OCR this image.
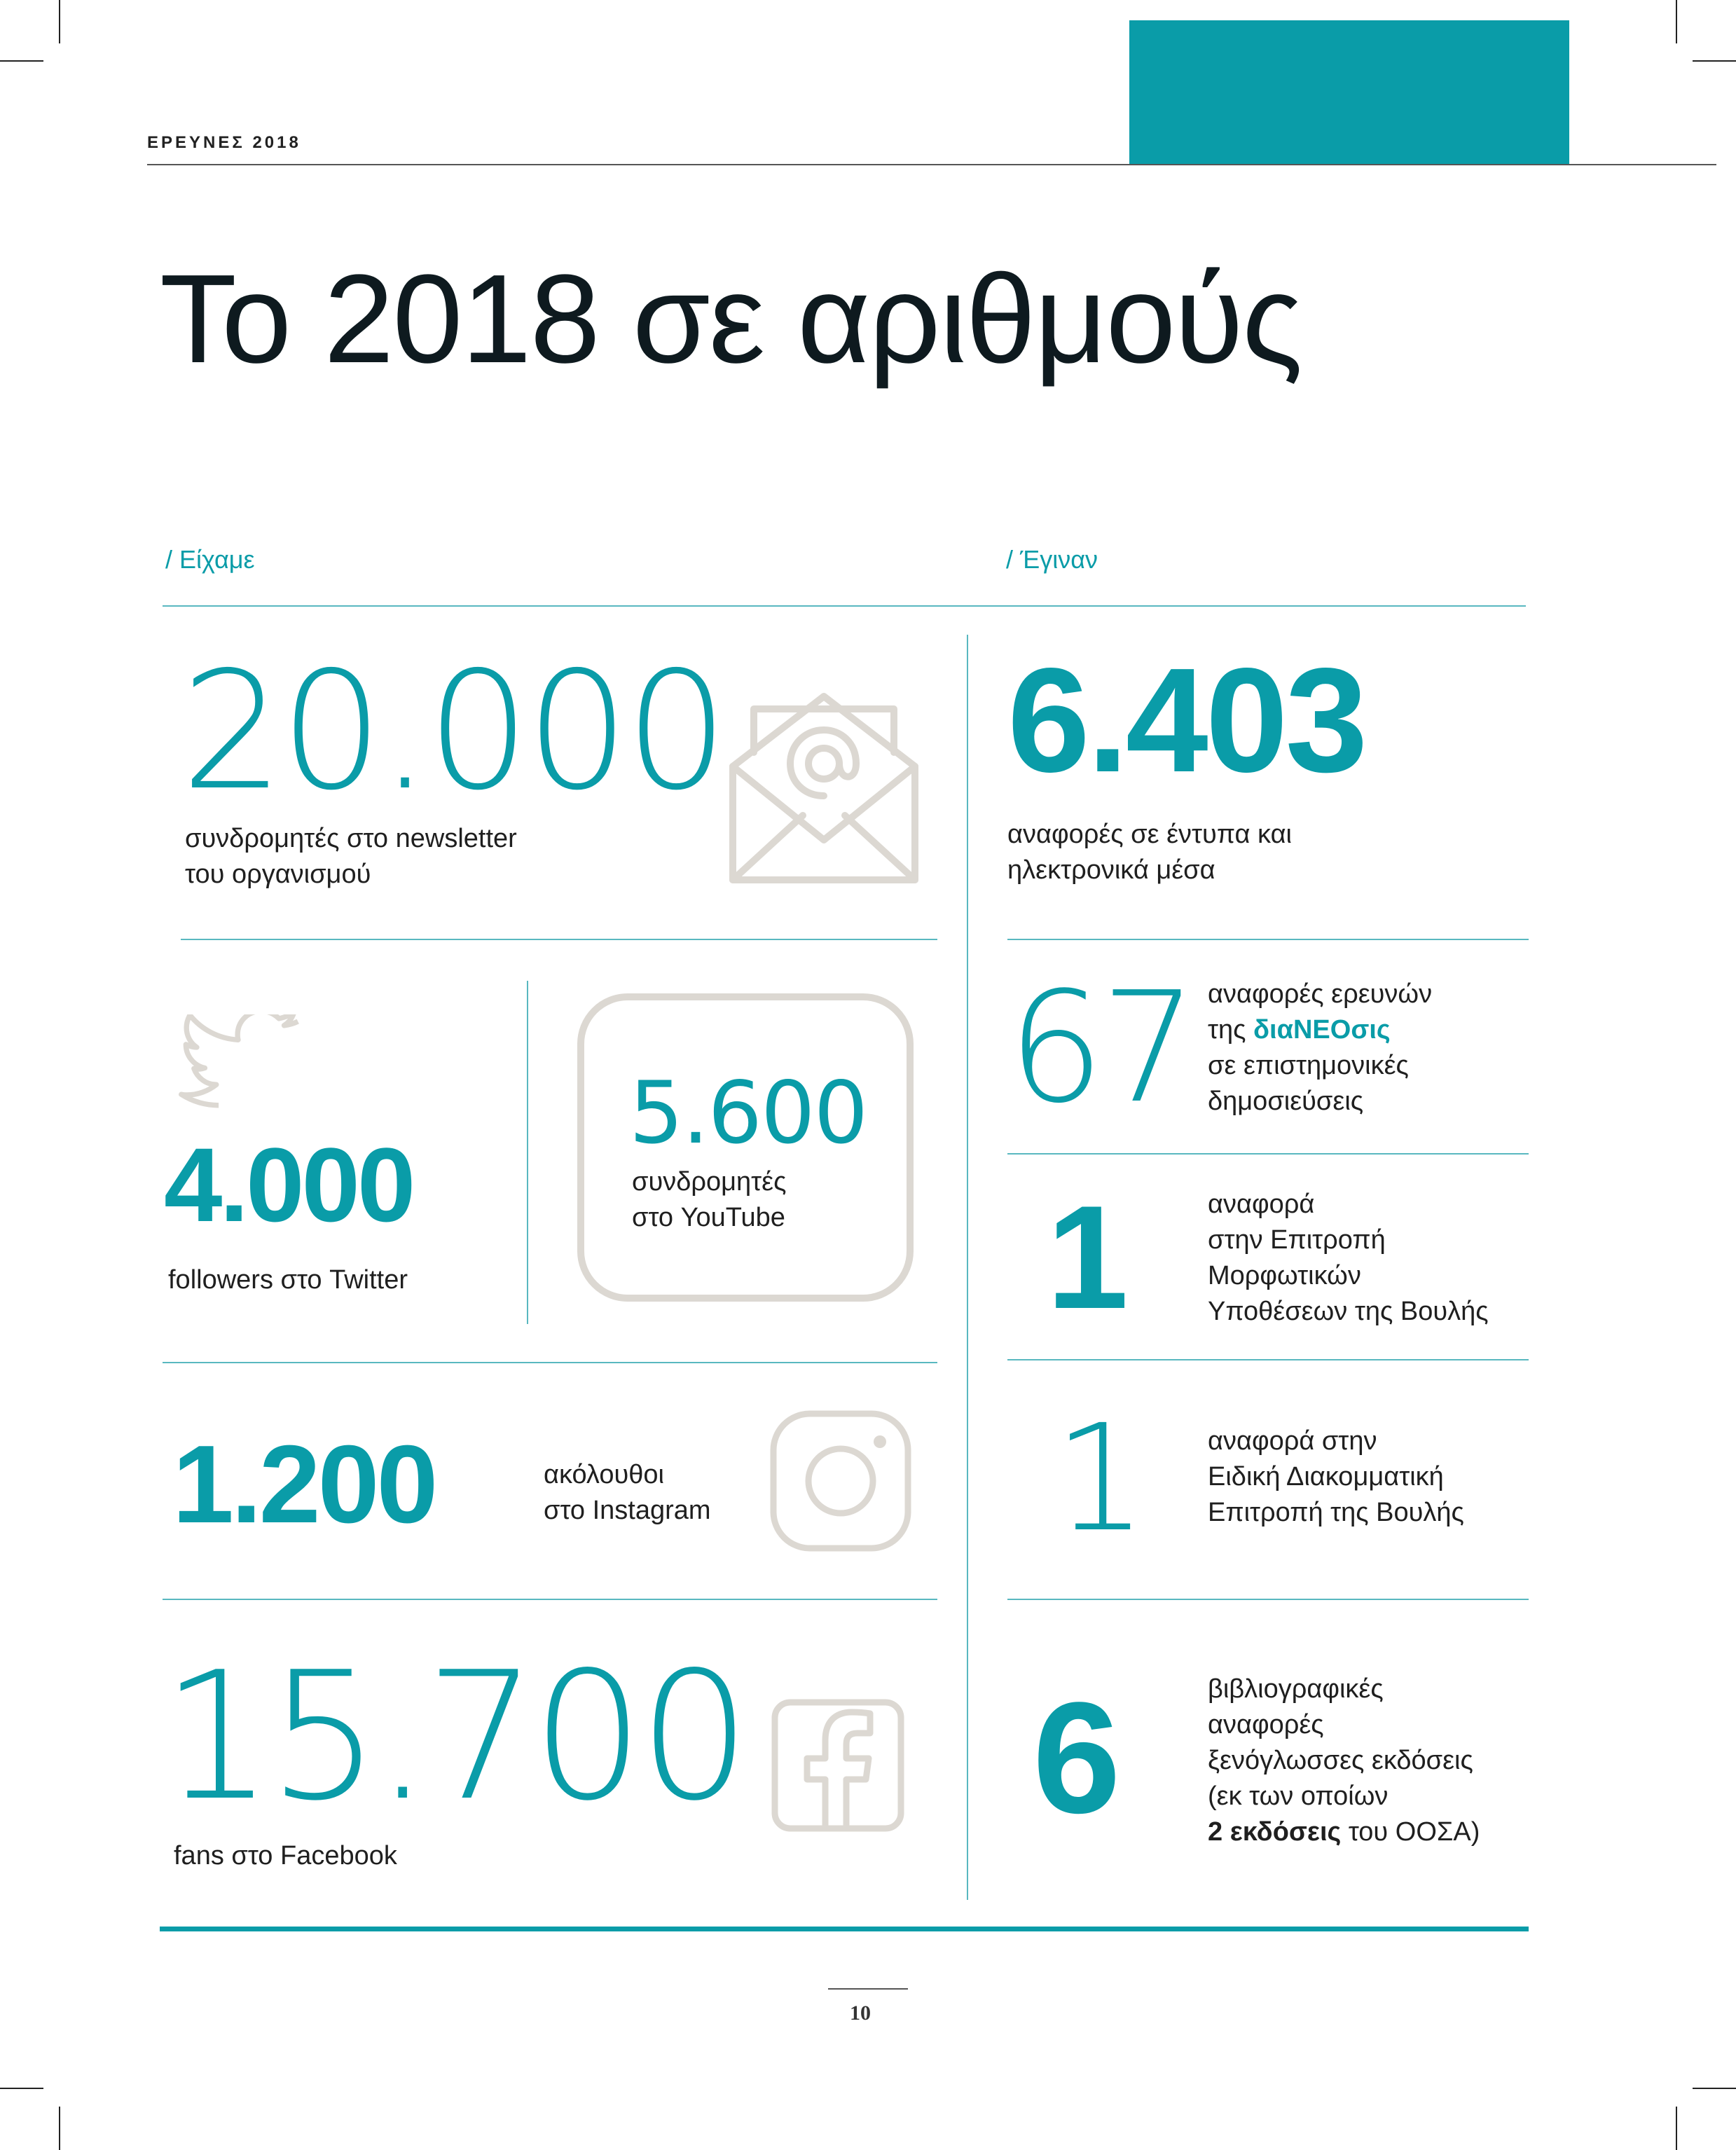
ΕΡΕΥΝΕΣ 2018
Το 2018 σε αριθμούς
/ Είχαμε	/ Έγιναν
20.000
συνδρομητές στο newsletter
του οργανισμού
4.000
followers στο Twitter
5.600
συνδρομητές
στο YouTube
1.200	ακόλουθοι
στο Instagram
15.700
fans στο Facebook
6.403
αναφορές σε έντυπα και
ηλεκτρονικά μέσα
67 αναφορές ερευνών
της διαΝΕΟσις
σε επιστημονικές
δημοσιεύσεις
1	αναφορά
στην Επιτροπή
Μορφωτικών
Υποθέσεων της Βουλής
1 αναφορά στην
Ειδική Διακομματική
Επιτροπή της Βουλής
6	βιβλιογραφικές
αναφορές
ξενόγλωσσες εκδόσεις
(εκ των οποίων
2 εκδόσεις του ΟΟΣΑ)
10
